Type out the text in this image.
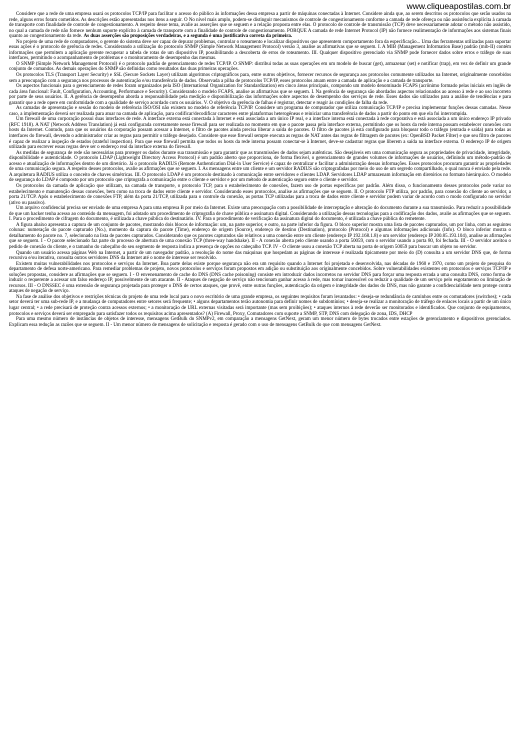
www.cliqueapostilas.com.br

Considere que a rede de uma empresa usará os protocolos TCP/IP para facilitar o acesso do público às informações dessa empresa a partir de máquinas conectadas à Internet. Considere ainda que, ao serem descritos os protocolos que serão usados na rede, alguns erros foram cometidos. As descrições estão apresentadas nos itens a seguir. O No nível mais amplo, podem-se distinguir mecanismos de controle de congestionamento conforme a camada de rede ofereça ou não assistência explícita à camada de transporte com finalidade de controle de congestionamento. A respeito desse tema, avalie as asserções que se seguem e a relação proposta entre elas. O protocolo de controle de transmissão (TCP) deve necessariamente adotar o método não assistido, no qual a camada de rede não fornece nenhum suporte explícito à camada de transporte com a finalidade de controle de congestionamento. PORQUE A camada de rede Internet Protocol (IP) não fornece realimentação de informações aos sistemas finais quanto ao congestionamento da rede. As duas asserções são proposições verdadeiras, e a segunda é uma justificativa correta da primeira.

No projeto de uma rede de computadores, o gerente do sistema deve ser capaz de depurar problemas, controlar o roteamento e localizar dispositivos que apresentem comportamento fora da especificação... Uma das ferramentas utilizadas para suportar essas ações é o protocolo de gerência de redes. Considerando a utilização do protocolo SNMP (Simple Network Management Protocol) versão 3, analise as afirmativas que se seguem. I. A MIB (Management Information Base) padrão (mib-II) contém informações que permitem a aplicação gerente recuperar a tabela de rotas de um dispositivo IP, possibilitando a descoberta de erros de roteamento. III. Qualquer dispositivo gerenciado via SNMP pode fornecer dados sobre erros e tráfego de suas interfaces, permitindo o acompanhamento de problemas e o monitoramento de desempenho das mesmas.

O SNMP (Simple Network Management Protocol) é o protocolo padrão de gerenciamento de redes TCP/IP. O SNMP: distribui todas as suas operações em um modelo de buscar (get), armazenar (set) e notificar (trap), em vez de definir um grande conjunto de comandos. As demais operações do SNMP são definidas como resultados das duas primeiras operações.

Os protocolos TLS (Transport Layer Security) e SSL (Secure Sockets Layer) utilizam algoritmos criptográficos para, entre outros objetivos, fornecer recursos de segurança aos protocolos comumente utilizados na Internet, originalmente concebidos sem a preocupação com a segurança nos processos de autenticação e/ou transferência de dados. Observada a pilha de protocolos TCP/IP, esses protocolos atuam entre a camada de aplicação e a camada de transporte.

Os aspectos funcionais para o gerenciamento de redes foram organizados pela ISO (International Organization for Standardization) em cinco áreas principais, compondo um modelo denominado FCAPS (acrônimo formado pelas iniciais em inglês de cada área funcional: Fault, Configuration, Accounting, Performance e Security). Considerando o modelo FCAPS, analise as afirmativas que se seguem. I. Na gerência de segurança são abordados aspectos relacionados ao acesso à rede e ao uso incorreto por parte de seus usuários. II. A gerência de desempenho aborda a responsabilidade pela medição e disponibilização das informações sobre aspectos de desempenho dos serviços de rede. Esses dados são utilizados para a análise de tendências e para garantir que a rede opere em conformidade com a qualidade de serviço acordado com os usuários. V. O objetivo da gerência de falhas é registrar, detectar e reagir às condições de falha da rede.

As camadas de apresentação e sessão do modelo de referência ISO/OSI não existem no modelo de referência TCP/IP. Considere um programa de computador que utiliza comunicação TCP/IP e precisa implementar funções dessas camadas. Nesse caso, a implementação deverá ser realizada para atuar na camada de aplicação, para codificar/decodificar caracteres entre plataformas heterogêneas e reiniciar uma transferência de dados a partir do ponto em que ela foi interrompida.

Um firewall de uma corporação possui duas interfaces de rede. A interface externa está conectada à Internet e está associada a um único IP real, e a interface interna está conectada à rede corporativa e está associada a um único endereço IP privado (RFC 1918). A NAT (Network Address Translation) já está configurada corretamente nesse firewall para ser realizada no momento em que o pacote passa pela interface externa, permitindo que os hosts da rede interna possam estabelecer conexões com hosts da Internet. Contudo, para que os usuários da corporação possam acessar a Internet, o filtro de pacotes ainda precisa liberar a saída de pacotes. O filtro de pacotes já está configurado para bloquear todo o tráfego (entrada e saída) para todas as interfaces do firewall, devendo o administrador criar as regras para permitir o tráfego desejado. Considere que esse firewall sempre executa as regras de NAT antes das regras de filtragem de pacotes (ex: OpenBSD Packet Filter) e que seu filtro de pacotes é capaz de realizar a inspeção de estados (stateful inspection). Para que esse firewall permita que todos os hosts da rede interna possam conectar-se à Internet, deve-se cadastrar regras que liberem a saída na interface externa. O endereço IP de origem utilizado para escrever essas regras deve ser o endereço real da interface externa do firewall.

As medidas de segurança de rede são necessárias para proteger os dados durante sua transmissão e para garantir que as transmissões de dados sejam autênticas. São desejáveis em uma comunicação segura as propriedades de privacidade, integridade, disponibilidade e autenticidade. O protocolo LDAP (Lightweight Directory Access Protocol) é um padrão aberto que proporciona, de forma flexível, o gerenciamento de grandes volumes de informações de usuários, definindo um método-padrão de acesso e atualização de informações dentro de um diretório. Já o protocolo RADIUS (Remote Authentication Dial-in User Service) é capaz de centralizar e facilitar a administração dessas informações. Esses protocolos procuram garantir as propriedades de uma comunicação segura. A respeito desses protocolos, avalie as afirmações que se seguem. I. As mensagens entre um cliente e um servidor RADIUS são criptografadas por meio do uso de um segredo compartilhado, o qual nunca é enviado pela rede. A arquitetura RADIUS utiliza o conceito de chaves simétricas. III. O protocolo LDAP é um protocolo destinado à comunicação entre servidores e clientes LDAP. Servidores LDAP armazenam informação em diretórios no formato hierárquico. O modelo de segurança do LDAP é composto por um protocolo que criptografa a comunicação entre o cliente e servidor e por um método de autenticação seguro entre o cliente e servidor.

Os protocolos da camada de aplicação que utilizam, na camada de transporte, o protocolo TCP, para o estabelecimento de conexões, fazem uso de portas específicas por padrão. Além disso, o funcionamento desses protocolos pode variar no estabelecimento e manutenção dessas conexões, bem como na troca de dados entre cliente e servidor. Considerando esses protocolos, analise as afirmações que se seguem. II. O protocolo FTP utiliza, por padrão, para conexão do cliente ao servidor, a porta 21/TCP. Após o estabelecimento de conexões FTP, além da porta 21/TCP, utilizada para o controle da conexão, as portas TCP utilizadas para a troca de dados entre cliente e servidor podem variar de acordo com o modo configurado no servidor (ativo ou passivo).

Um arquivo confidencial precisa ser enviado de uma empresa A para uma empresa B por meio da Internet. Existe uma preocupação com a possibilidade de interceptação e alteração do documento durante a sua transmissão. Para reduzir a possibilidade de que um hacker tenha acesso ao conteúdo da mensagem, foi adotado um procedimento de criptografia de chave pública e assinatura digital. Considerando a utilização dessas tecnologias para a codificação dos dados, avalie as afirmações que se seguem. I. Para o procedimento de cifragem do documento, é utilizada a chave pública do destinatário. IV. Para o procedimento de verificação da assinatura digital do documento, é utilizada a chave pública do remetente.

A figura abaixo apresenta a captura de um conjunto de pacotes, mostrando dois blocos de informação: um, na parte superior, e outro, na parte inferior da figura. O bloco superior mostra uma lista de pacotes capturados, um por linha, com as seguintes colunas: numeração do pacote capturado (No.), momento da captura do pacote (Time), endereço de origem (Source), endereço de destino (Destination), protocolo (Protocol) e algumas informações adicionais (Info). O bloco inferior mostra o detalhamento do pacote no. 7, selecionado na lista de pacotes capturados. Considerando que os pacotes capturados são relativos a uma conexão entre um cliente (endereço IP 192.168.1.8) e um servidor (endereço IP 200.85.193.104), analise as afirmações que se seguem. I - O pacote selecionado faz parte do processo de abertura de uma conexão TCP (three-way handshake). II - A conexão aberta pelo cliente usando a porta 50059, com o servidor usando a porta 80, foi fechada. III - O servidor aceitou o pedido de conexão do cliente, e o tamanho do cabeçalho do seu segmento de resposta indica a presença de opções no cabeçalho TCP. IV - O cliente usou a conexão TCP aberta na porta de origem 50059 para buscar um objeto no servidor.

Quando um usuário acessa páginas Web na Internet, a partir de um navegador padrão, a resolução do nome das máquinas que hospedam as páginas de interesse é realizada tipicamente por meio do (D) consulta a um servidor DNS que, de forma recursiva e/ou iterativa, consulta outros servidores DNS da Internet até o nome de interesse ser resolvido.

Existem muitas vulnerabilidades nos protocolos e serviços da Internet. Boa parte delas existe porque segurança não era um requisito quando a Internet foi projetada e desenvolvida, nas décadas de 1960 e 1970, como um projeto de pesquisa do departamento de defesa norte-americano. Para remediar problemas de projeto, novos protocolos e serviços foram propostos em adição ou substituição aos originalmente concebidos. Sobre vulnerabilidades existentes em protocolos e serviços TCP/IP e soluções propostas, considere as afirmações que se seguem. I - O envenenamento de cache do DNS (DNS cache poisoning) consiste em introduzir dados incorretos no servidor DNS para forçar uma resposta errada a uma consulta DNS, como forma de induzir o requerente a acessar um falso endereço IP, possivelmente de um atacante. II - Ataques de negação de serviço não tencionam ganhar acesso à rede, mas tornar inacessível ou reduzir a qualidade de um serviço pelo esgotamento ou limitação de recursos. III - O DNSSEC é uma extensão de segurança projetada para proteger o DNS de certos ataques, que provê, entre outras funções, autenticação da origem e integridade dos dados do DNS, mas não garante a confidencialidade nem protege contra ataques de negação de serviço.

Na fase de análise dos objetivos e restrições técnicas do projeto de uma rede local para o novo escritório de uma grande empresa, os seguintes requisitos foram levantados: • deseja-se redundância de caminhos entre os comutadores (switches); • cada setor deverá ter uma sub-rede IP, e a mudança de computadores entre setores será frequente; • alguns departamentos terão autonomia para definir nomes de subdomínios; • deseja-se realizar a monitoração de tráfego de enlaces locais a partir de um único lugar central; • a rede precisará de proteção contra acessos externos; • a monitoração de URL externas visitadas será importante (mas sem proibições); • ataques internos à rede deverão ser monitorados e identificados. Que conjunto de equipamentos, protocolos e serviços deverá ser empregado para satisfazer todos os requisitos acima apresentados? (A) Firewall, Proxy, Comutadores com suporte a SNMP, STP, DNS com delegação de zona, IDS, DHCP

Para uma mesmo número de instâncias de objetos de interesse, mensagens GetBulk do SNMPv2, em comparação a mensagens GetNext, geram um menor número de bytes trocados entre estações de gerenciamento e dispositivos gerenciados. Explicam essa redução as razões que se seguem. II - Um menor número de mensagens de solicitação e resposta é gerado com o uso de mensagens GetBulk do que com mensagens GetNext.
